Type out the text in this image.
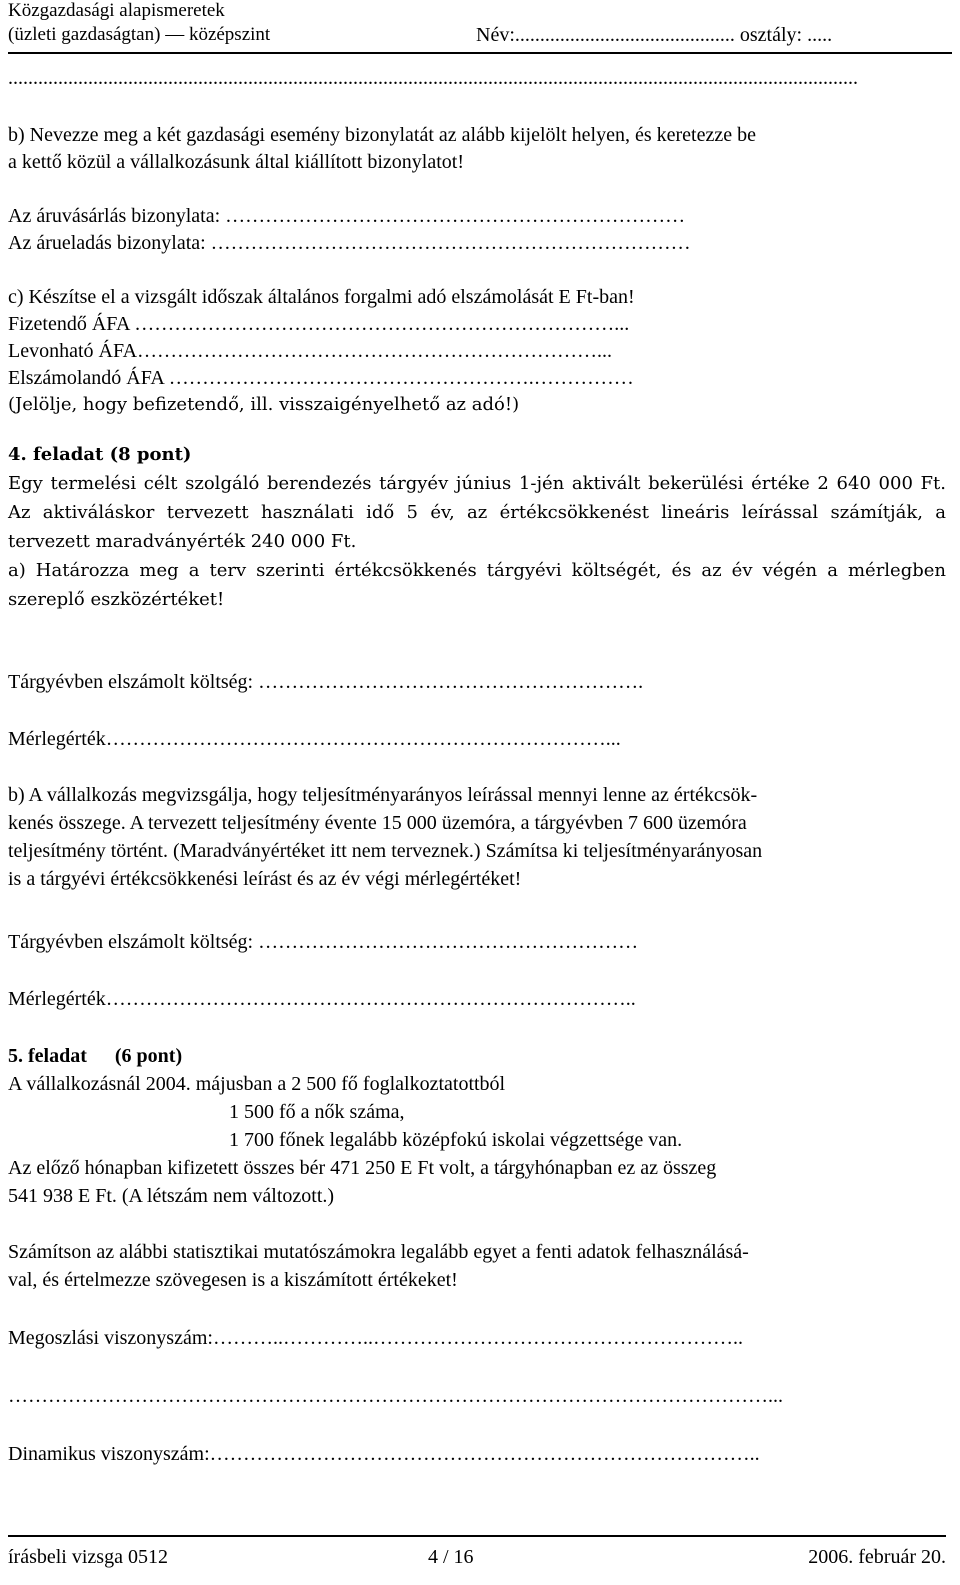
Közgazdasági alapismeretek
(üzleti gazdaságtan) — középszint	Név:............................................ osztály: .....
..........................................................................................................................................................................
b) Nevezze meg a két gazdasági esemény bizonylatát az alább kijelölt helyen, és keretezze be
a kettő közül a vállalkozásunk által kiállított bizonylatot!
Az áruvásárlás bizonylata: ……………………………………………………………
Az árueladás bizonylata: ………………………………………………………………
c) Készítse el a vizsgált időszak általános forgalmi adó elszámolását E Ft-ban!
Fizetendő ÁFA ………………………………………………………………...
Levonható ÁFA……………………………………………………………...
Elszámolandó ÁFA ……………………………………………….……………
(Jelölje, hogy befizetendő, ill. visszaigényelhető az adó!)

4. feladat (8 pont)

Egy termelési célt szolgáló berendezés tárgyév június 1-jén aktivált bekerülési értéke 2 640 000 Ft. Az aktiváláskor tervezett használati idő 5 év, az értékcsökkenést lineáris leírással számítják, a tervezett maradványérték 240 000 Ft.

a) Határozza meg a terv szerinti értékcsökkenés tárgyévi költségét, és az év végén a mérlegben szereplő eszközértéket!

Tárgyévben elszámolt költség: ………………………………………………….
Mérlegérték…………………………………………………………………...
b) A vállalkozás megvizsgálja, hogy teljesítményarányos leírással mennyi lenne az értékcsök-
kenés összege. A tervezett teljesítmény évente 15 000 üzemóra, a tárgyévben 7 600 üzemóra
teljesítmény történt. (Maradványértéket itt nem terveznek.) Számítsa ki teljesítményarányosan
is a tárgyévi értékcsökkenési leírást és az év végi mérlegértéket!
Tárgyévben elszámolt költség: …………………………………………………
Mérlegérték……………………………………………………………………..
5. feladat (6 pont)
A vállalkozásnál 2004. májusban a 2 500 fő foglalkoztatottból
1 500 fő a nők száma,
1 700 főnek legalább középfokú iskolai végzettsége van.
Az előző hónapban kifizetett összes bér 471 250 E Ft volt, a tárgyhónapban ez az összeg
541 938 E Ft. (A létszám nem változott.)
Számítson az alábbi statisztikai mutatószámokra legalább egyet a fenti adatok felhasználásá-
val, és értelmezze szövegesen is a kiszámított értékeket!
Megoszlási viszonyszám:………..…………..………………………………………………..
……………………………………………………………………………………………………...
Dinamikus viszonyszám:………………………………………………………………………..
írásbeli vizsga 0512	4 / 16	2006. február 20.
